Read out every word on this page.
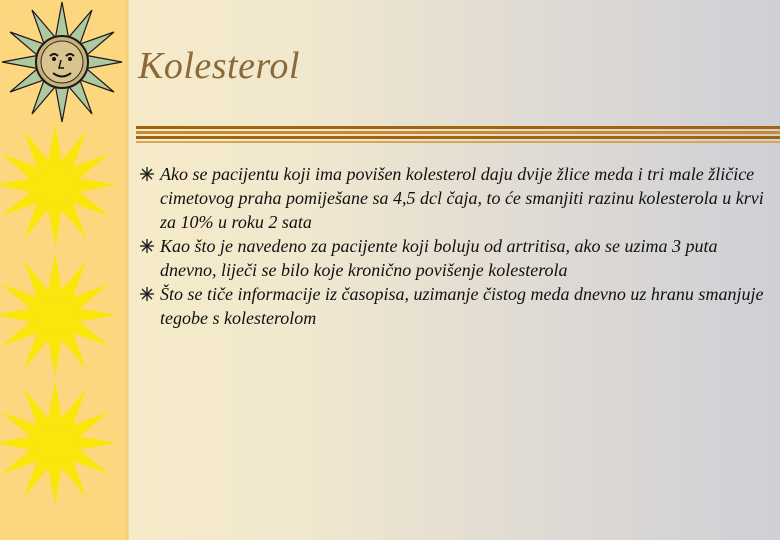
Kolesterol
Ako se pacijentu koji ima povišen kolesterol daju dvije žlice meda i tri male žličice cimetovog praha pomiješane sa 4,5 dcl čaja, to će smanjiti razinu kolesterola u krvi za 10% u roku 2 sata
Kao što je navedeno za pacijente koji boluju od artritisa, ako se uzima 3 puta dnevno, liječi se bilo koje kronično povišenje kolesterola
Što se tiče informacije iz časopisa, uzimanje čistog meda dnevno uz hranu smanjuje tegobe s kolesterolom
